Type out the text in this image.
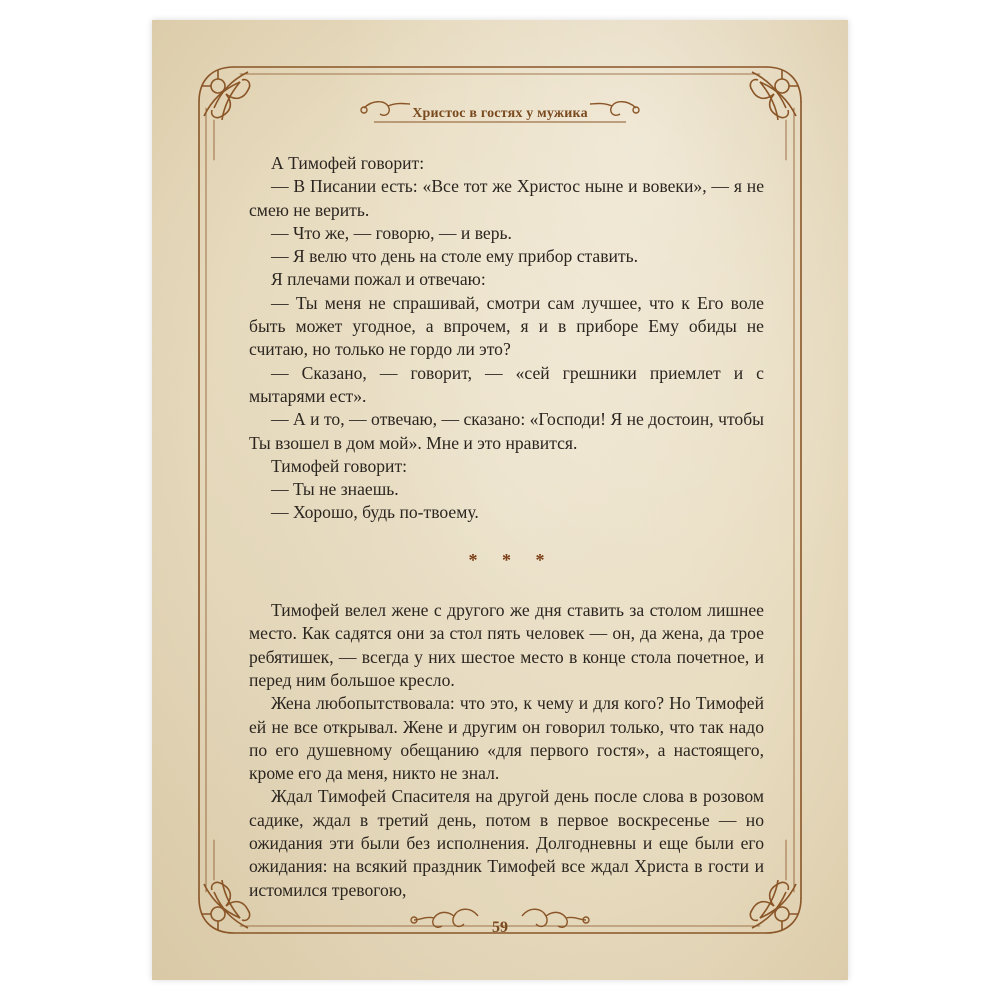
Христос в гостях у мужика

А Тимофей говорит:

— В Писании есть: «Все тот же Христос ныне и вовеки», — я не смею не верить.

— Что же, — говорю, — и верь.

— Я велю что день на столе ему прибор ставить.

Я плечами пожал и отвечаю:

— Ты меня не спрашивай, смотри сам лучшее, что к Его воле быть может угодное, а впрочем, я и в приборе Ему обиды не считаю, но только не гордо ли это?

— Сказано, — говорит, — «сей грешники приемлет и с мытарями ест».

— А и то, — отвечаю, — сказано: «Господи! Я не достоин, чтобы Ты взошел в дом мой». Мне и это нравится.

Тимофей говорит:

— Ты не знаешь.

— Хорошо, будь по-твоему.

* * *

Тимофей велел жене с другого же дня ставить за столом лишнее место. Как садятся они за стол пять человек — он, да жена, да трое ребятишек, — всегда у них шестое место в конце стола почетное, и перед ним большое кресло.

Жена любопытствовала: что это, к чему и для кого? Но Тимофей ей не все открывал. Жене и другим он говорил только, что так надо по его душевному обещанию «для первого гостя», а настоящего, кроме его да меня, никто не знал.

Ждал Тимофей Спасителя на другой день после слова в розовом садике, ждал в третий день, потом в первое воскресенье — но ожидания эти были без исполнения. Долгодневны и еще были его ожидания: на всякий праздник Тимофей все ждал Христа в гости и истомился тревогою,

59
